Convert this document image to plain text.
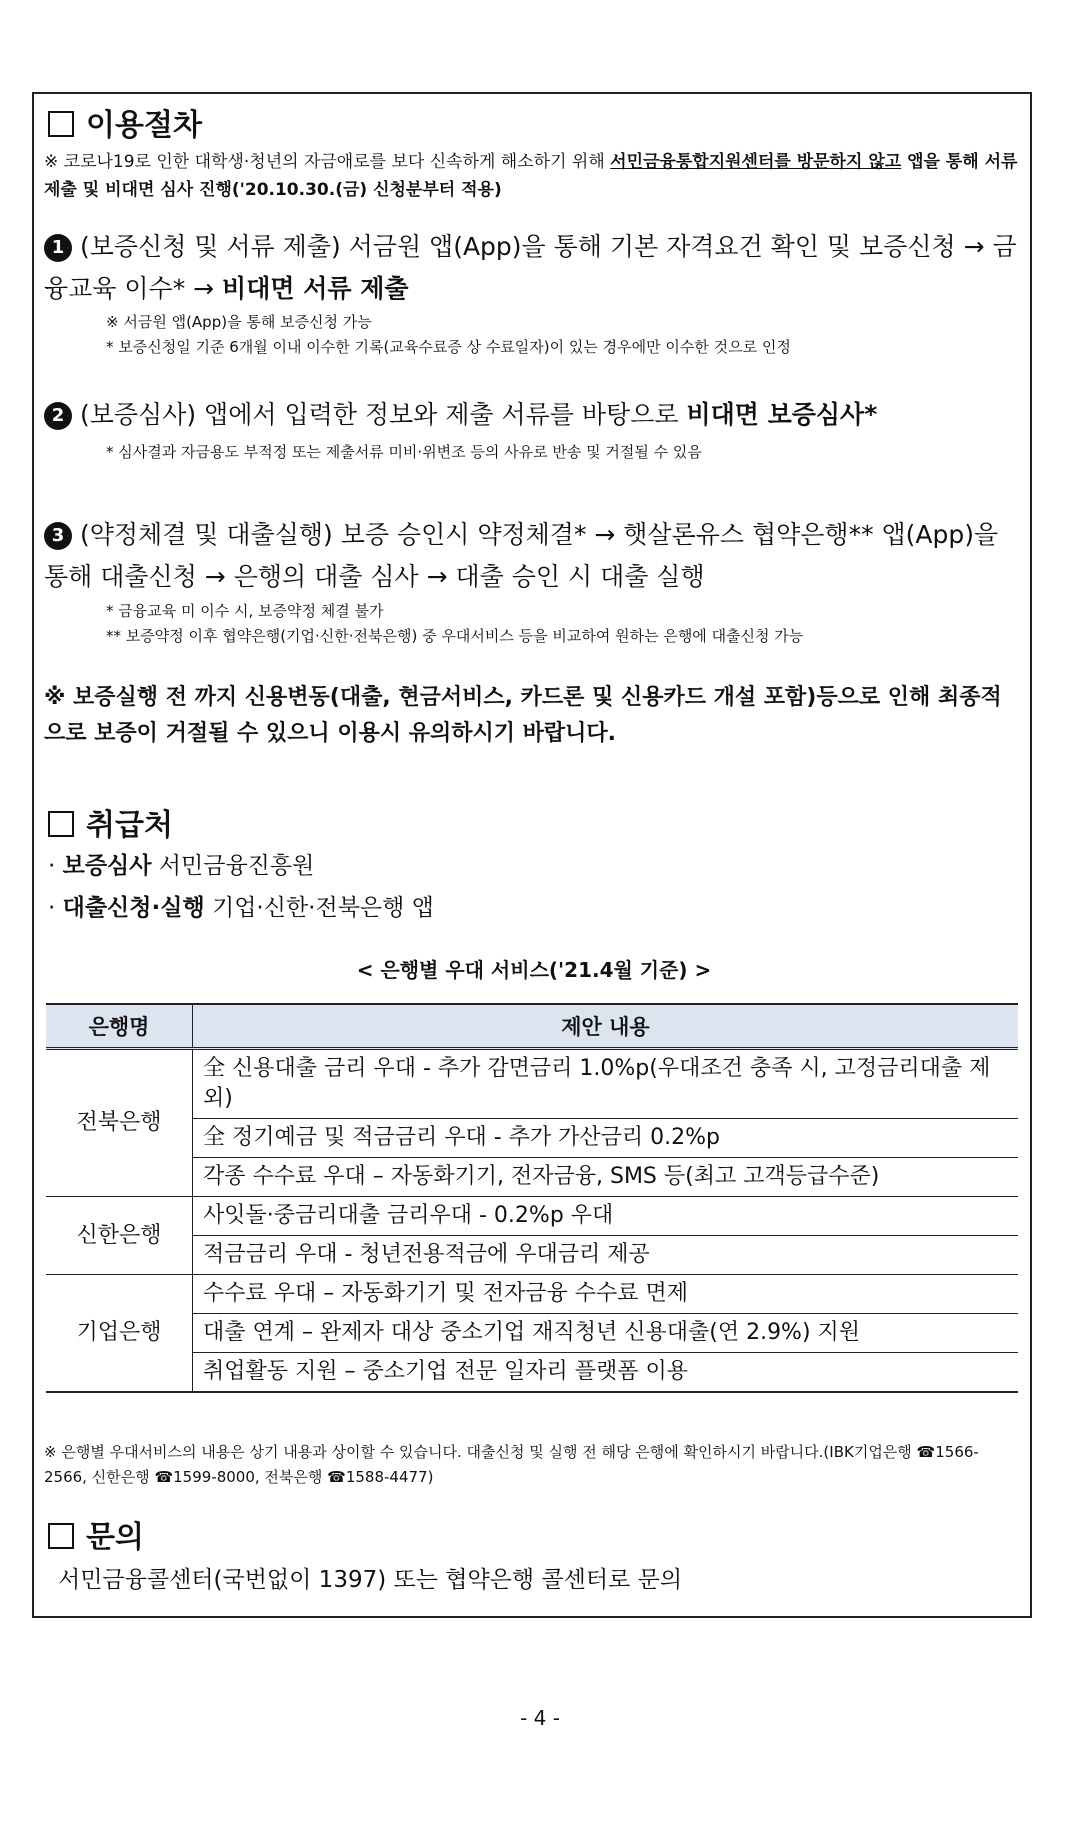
이용절차
※ 코로나19로 인한 대학생·청년의 자금애로를 보다 신속하게 해소하기 위해 서민금융통합지원센터를 방문하지 않고 앱을 통해 서류 제출 및 비대면 심사 진행('20.10.30.(금) 신청분부터 적용)
1 (보증신청 및 서류 제출) 서금원 앱(App)을 통해 기본 자격요건 확인 및 보증신청 → 금융교육 이수* → 비대면 서류 제출
※ 서금원 앱(App)을 통해 보증신청 가능
* 보증신청일 기준 6개월 이내 이수한 기록(교육수료증 상 수료일자)이 있는 경우에만 이수한 것으로 인정
2 (보증심사) 앱에서 입력한 정보와 제출 서류를 바탕으로 비대면 보증심사*
* 심사결과 자금용도 부적정 또는 제출서류 미비·위변조 등의 사유로 반송 및 거절될 수 있음
3 (약정체결 및 대출실행) 보증 승인시 약정체결* → 햇살론유스 협약은행** 앱(App)을 통해 대출신청 → 은행의 대출 심사 → 대출 승인 시 대출 실행
* 금융교육 미 이수 시, 보증약정 체결 불가
** 보증약정 이후 협약은행(기업·신한·전북은행) 중 우대서비스 등을 비교하여 원하는 은행에 대출신청 가능
※ 보증실행 전 까지 신용변동(대출, 현금서비스, 카드론 및 신용카드 개설 포함)등으로 인해 최종적으로 보증이 거절될 수 있으니 이용시 유의하시기 바랍니다.
취급처
· 보증심사 서민금융진흥원
· 대출신청·실행 기업·신한·전북은행 앱
< 은행별 우대 서비스('21.4월 기준) >
은행명	제안 내용
전북은행	全 신용대출 금리 우대 - 추가 감면금리 1.0%p(우대조건 충족 시, 고정금리대출 제외)
	全 정기예금 및 적금금리 우대 - 추가 가산금리 0.2%p
	각종 수수료 우대 – 자동화기기, 전자금융, SMS 등(최고 고객등급수준)
신한은행	사잇돌·중금리대출 금리우대 - 0.2%p 우대
	적금금리 우대 - 청년전용적금에 우대금리 제공
기업은행	수수료 우대 – 자동화기기 및 전자금융 수수료 면제
	대출 연계 – 완제자 대상 중소기업 재직청년 신용대출(연 2.9%) 지원
	취업활동 지원 – 중소기업 전문 일자리 플랫폼 이용
※ 은행별 우대서비스의 내용은 상기 내용과 상이할 수 있습니다. 대출신청 및 실행 전 해당 은행에 확인하시기 바랍니다.(IBK기업은행 ☎1566-2566, 신한은행 ☎1599-8000, 전북은행 ☎1588-4477)
문의
서민금융콜센터(국번없이 1397) 또는 협약은행 콜센터로 문의
- 4 -
